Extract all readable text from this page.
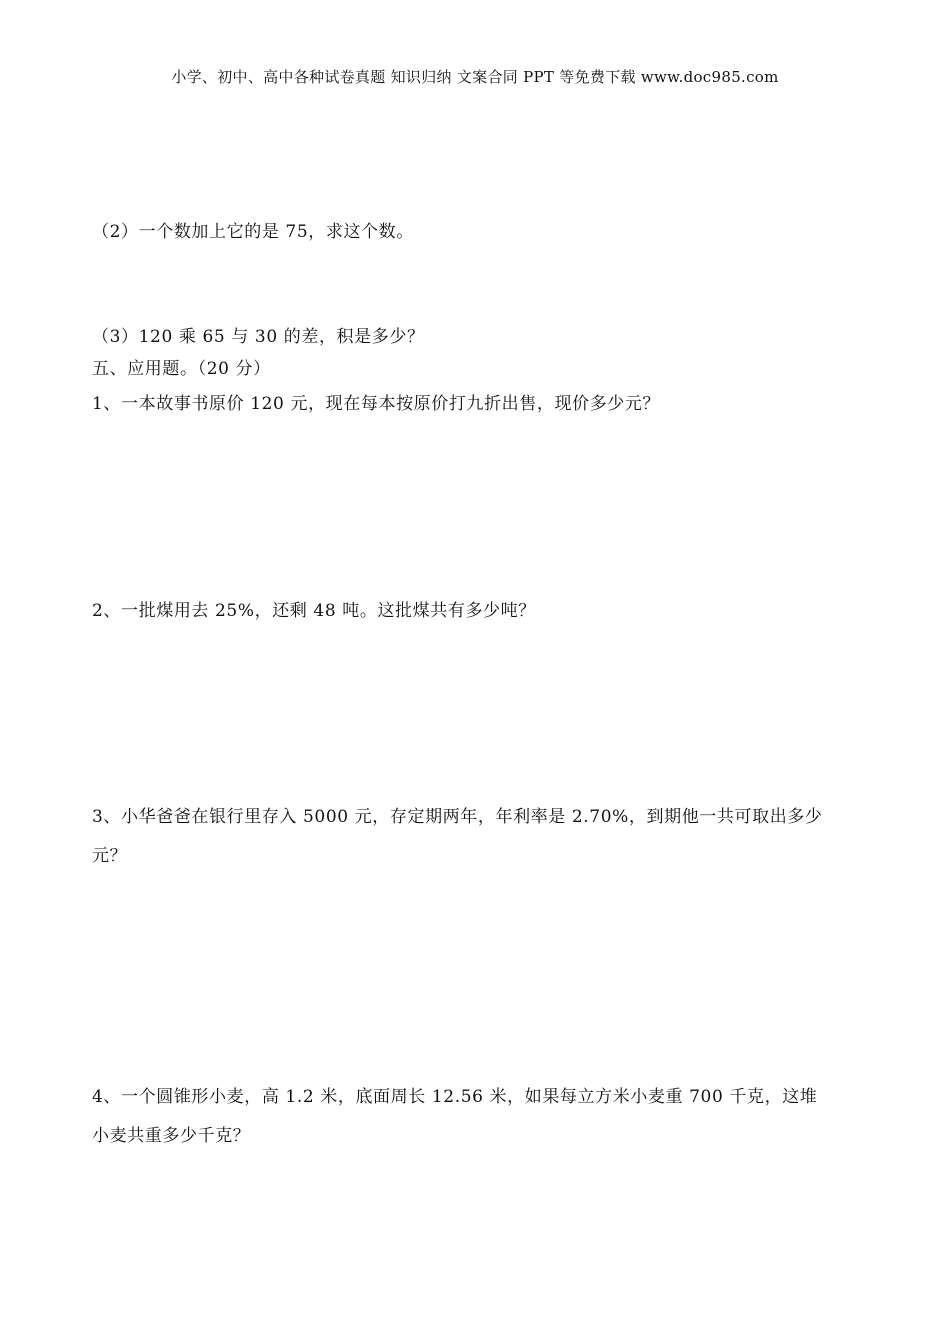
小学、初中、高中各种试卷真题 知识归纳 文案合同 PPT 等免费下载 www.doc985.com
（2）一个数加上它的是 75，求这个数。
（3）120 乘 65 与 30 的差，积是多少？
五、应用题。（20 分）
1、一本故事书原价 120 元，现在每本按原价打九折出售，现价多少元？
2、一批煤用去 25%，还剩 48 吨。这批煤共有多少吨？
3、小华爸爸在银行里存入 5000 元，存定期两年，年利率是 2.70%，到期他一共可取出多少
元？
4、一个圆锥形小麦，高 1.2 米，底面周长 12.56 米，如果每立方米小麦重 700 千克，这堆
小麦共重多少千克？
